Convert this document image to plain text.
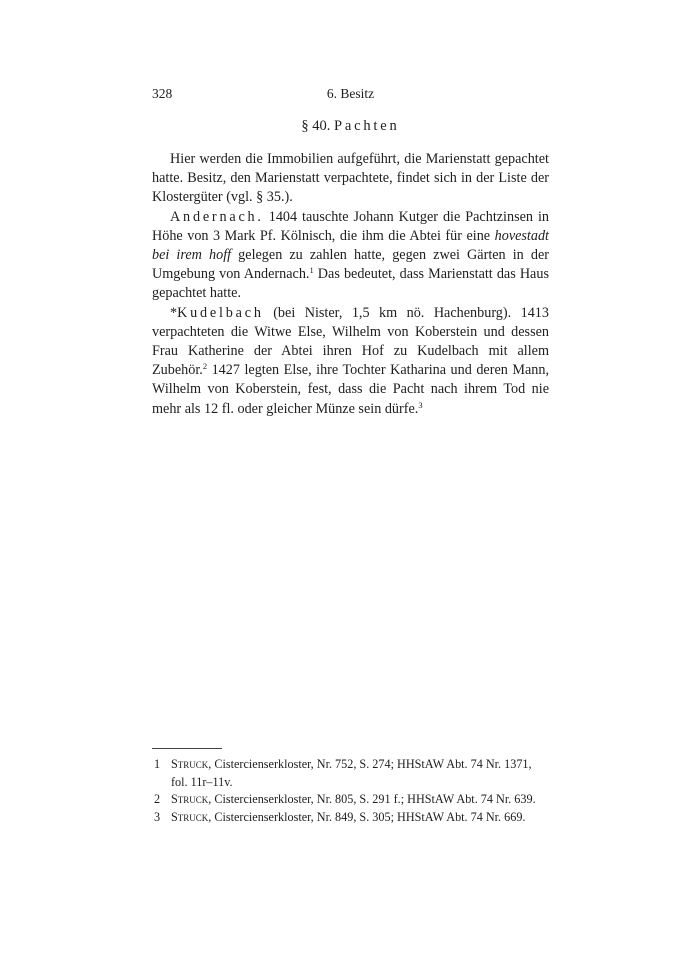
328	6. Besitz
§ 40. Pachten

Hier werden die Immobilien aufgeführt, die Marienstatt gepachtet hatte. Besitz, den Marienstatt verpachtete, findet sich in der Liste der Klostergüter (vgl. § 35.).

Andernach. 1404 tauschte Johann Kutger die Pachtzinsen in Höhe von 3 Mark Pf. Kölnisch, die ihm die Abtei für eine hovestadt bei irem hoff gelegen zu zahlen hatte, gegen zwei Gärten in der Umgebung von Andernach.$^1$ Das bedeutet, dass Marienstatt das Haus gepachtet hatte.

*Kudelbach (bei Nister, 1,5 km nö. Hachenburg). 1413 verpachteten die Witwe Else, Wilhelm von Koberstein und dessen Frau Katherine der Abtei ihren Hof zu Kudelbach mit allem Zubehör.$^2$ 1427 legten Else, ihre Tochter Katharina und deren Mann, Wilhelm von Koberstein, fest, dass die Pacht nach ihrem Tod nie mehr als 12 fl. oder gleicher Münze sein dürfe.$^3$

1 Struck, Cistercienserkloster, Nr. 752, S. 274; HHStAW Abt. 74 Nr. 1371, fol. 11r–11v.
2 Struck, Cistercienserkloster, Nr. 805, S. 291 f.; HHStAW Abt. 74 Nr. 639.
3 Struck, Cistercienserkloster, Nr. 849, S. 305; HHStAW Abt. 74 Nr. 669.
